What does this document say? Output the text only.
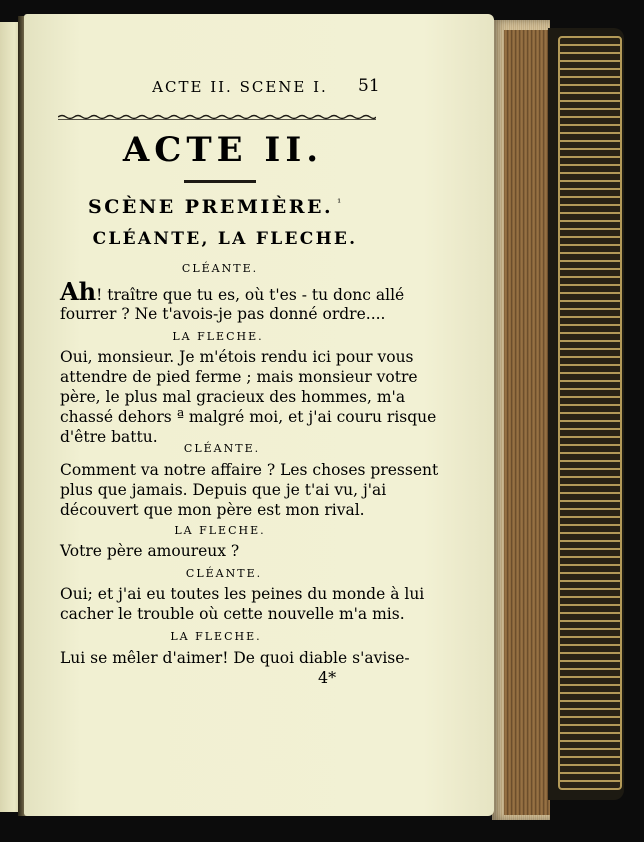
ACTE II. SCENE I.	51
ACTE II.
SCÈNE PREMIÈRE. $^{^1}$
CLÉANTE, LA FLECHE.
CLÉANTE.
Ah! traître que tu es, où t'es - tu donc allé
fourrer ? Ne t'avois-je pas donné ordre....
LA FLECHE.
Oui, monsieur. Je m'étois rendu ici pour vous
attendre de pied ferme ; mais monsieur votre
père, le plus mal gracieux des hommes, m'a
chassé dehors ª malgré moi, et j'ai couru risque
d'être battu.
CLÉANTE.
Comment va notre affaire ? Les choses pressent
plus que jamais. Depuis que je t'ai vu, j'ai
découvert que mon père est mon rival.
LA FLECHE.
Votre père amoureux ?
CLÉANTE.
Oui; et j'ai eu toutes les peines du monde à lui
cacher le trouble où cette nouvelle m'a mis.
LA FLECHE.
Lui se mêler d'aimer! De quoi diable s'avise-
4*
